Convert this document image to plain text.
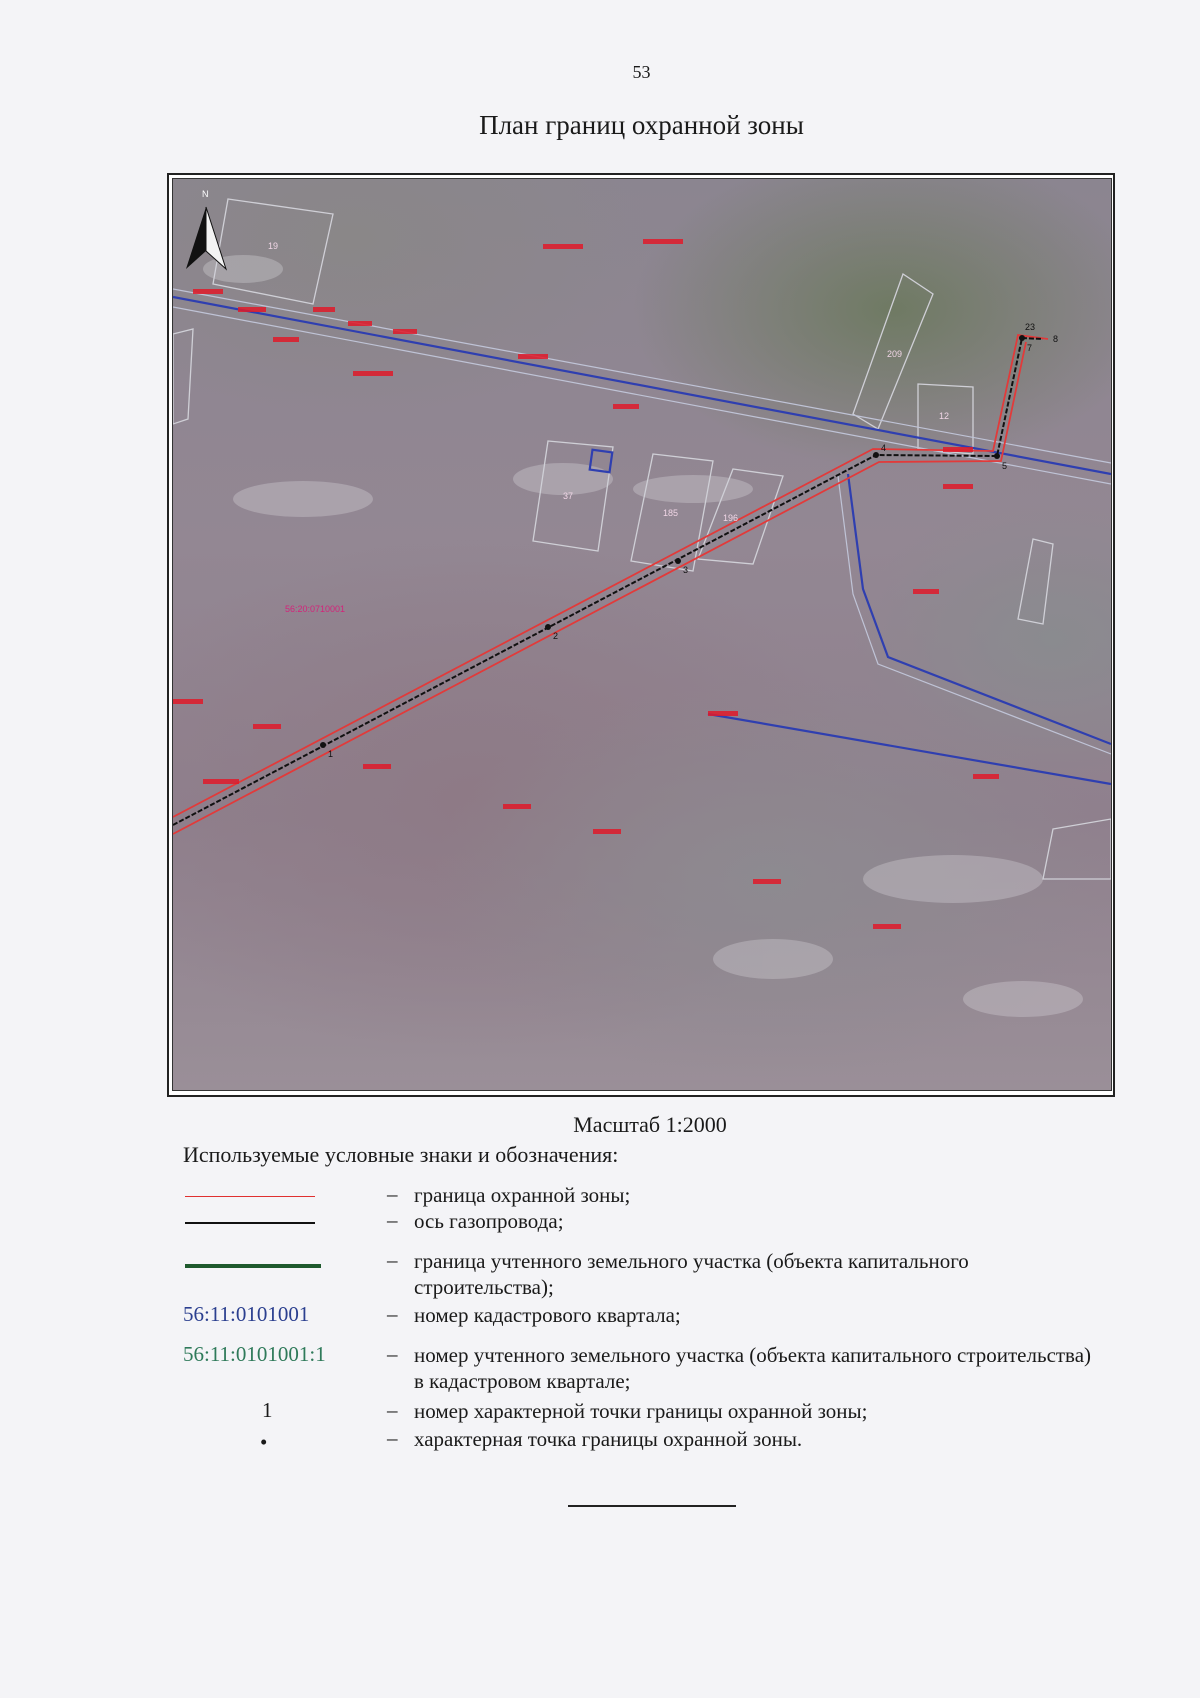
53
План границ охранной зоны
1
2
3
4
5
7
23
8
19
209
12
37
185	196
56:20:0710001
N
Масштаб 1:2000
Используемые условные знаки и обозначения:
– граница охранной зоны;
– ось газопровода;
– граница учтенного земельного участка (объекта капитального строительства);
56:11:0101001	– номер кадастрового квартала;
56:11:0101001:1	– номер учтенного земельного участка (объекта капитального строительства) в кадастровом квартале;
1	– номер характерной точки границы охранной зоны;
•	– характерная точка границы охранной зоны.
